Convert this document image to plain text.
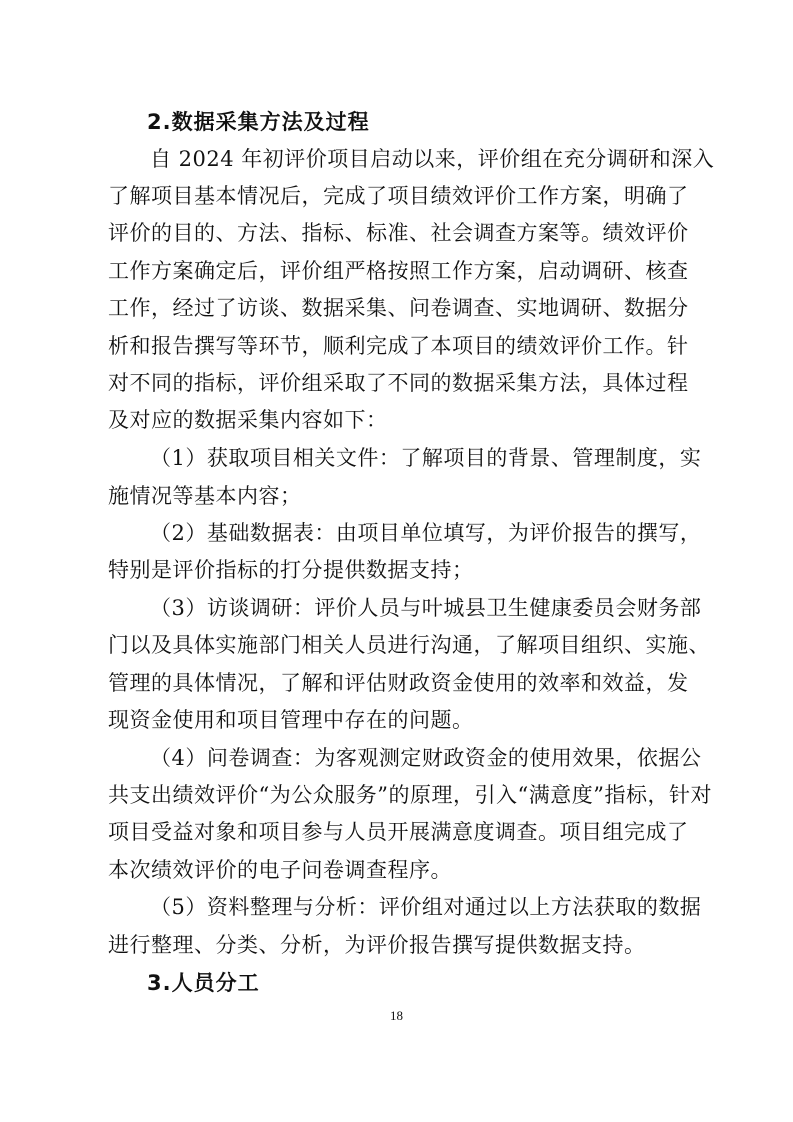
2.数据采集方法及过程
自 2024 年初评价项目启动以来，评价组在充分调研和深入
了解项目基本情况后，完成了项目绩效评价工作方案，明确了
评价的目的、方法、指标、标准、社会调查方案等。绩效评价
工作方案确定后，评价组严格按照工作方案，启动调研、核查
工作，经过了访谈、数据采集、问卷调查、实地调研、数据分
析和报告撰写等环节，顺利完成了本项目的绩效评价工作。针
对不同的指标，评价组采取了不同的数据采集方法，具体过程
及对应的数据采集内容如下：
（1）获取项目相关文件：了解项目的背景、管理制度，实
施情况等基本内容；
（2）基础数据表：由项目单位填写，为评价报告的撰写，
特别是评价指标的打分提供数据支持；
（3）访谈调研：评价人员与叶城县卫生健康委员会财务部
门以及具体实施部门相关人员进行沟通，了解项目组织、实施、
管理的具体情况，了解和评估财政资金使用的效率和效益，发
现资金使用和项目管理中存在的问题。
（4）问卷调查：为客观测定财政资金的使用效果，依据公
共支出绩效评价“为公众服务”的原理，引入“满意度”指标，针对
项目受益对象和项目参与人员开展满意度调查。项目组完成了
本次绩效评价的电子问卷调查程序。
（5）资料整理与分析：评价组对通过以上方法获取的数据
进行整理、分类、分析，为评价报告撰写提供数据支持。
3.人员分工
18
